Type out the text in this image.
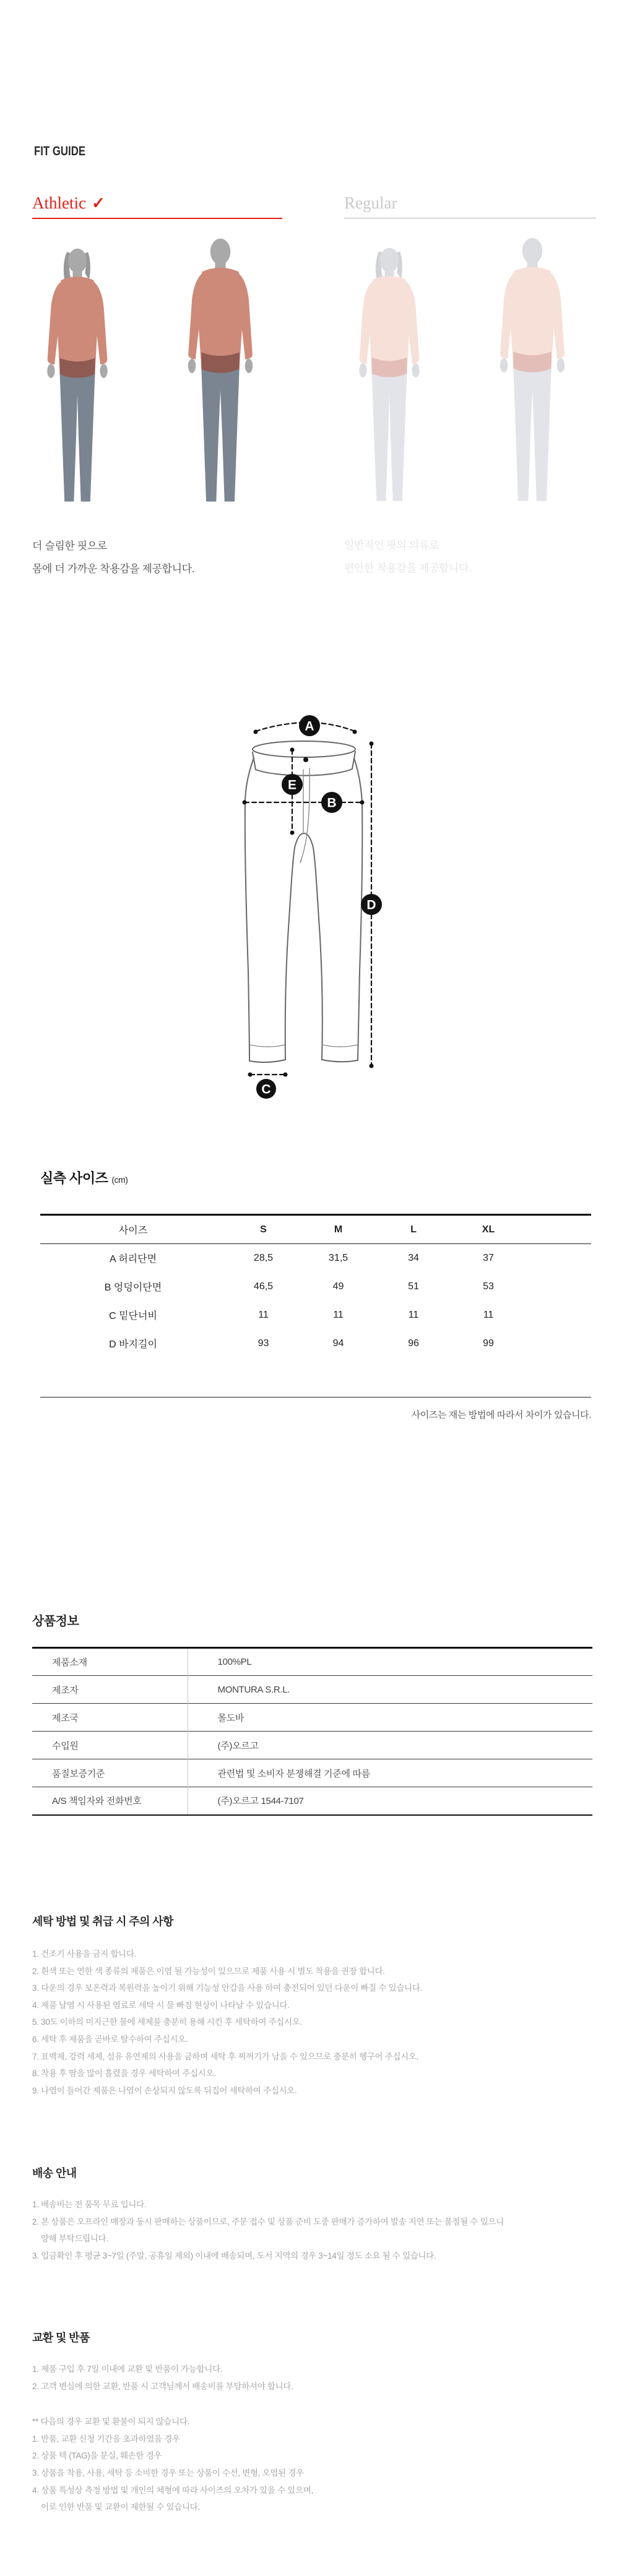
FIT GUIDE
Athletic ✓

더 슬림한 핏으로
몸에 더 가까운 착용감을 제공합니다.

Regular

일반적인 핏의 의류로
편안한 착용감을 제공합니다.

A
B
E
D
C
실측 사이즈 (cm)
사이즈	S	M	L	XL	
A 허리단면	28,5	31,5	34	37	
B 엉덩이단면	46,5	49	51	53	
C 밑단너비	11	11	11	11	
D 바지길이	93	94	96	99	

사이즈는 재는 방법에 따라서 차이가 있습니다.

상품정보
제품소재	100%PL
제조자	MONTURA S.R.L.
제조국	몰도바
수입원	(주)오르고
품질보증기준	관련법 및 소비자 분쟁해결 기준에 따름
A/S 책임자와 전화번호	(주)오르고 1544-7107
세탁 방법 및 취급 시 주의 사항
1. 건조기 사용을 금지 합니다.
2. 흰색 또는 연한 색 종류의 제품은 이염 될 가능성이 있으므로 제품 사용 시 별도 착용을 권장 합니다.
3. 다운의 경우 보온력과 복원력을 높이기 위해 기능성 안감을 사용 하여 충전되어 있던 다운이 빠질 수 있습니다.
4. 제품 날염 시 사용된 염료로 세탁 시 물 빠짐 현상이 나타날 수 있습니다.
5. 30도 이하의 미지근한 물에 세제를 충분히 용해 시킨 후 세탁하여 주십시오.
6. 세탁 후 제품을 곧바로 탈수하여 주십시오.
7. 표백제, 강력 세제, 섬유 유연제의 사용을 금하며 세탁 후 찌꺼기가 남을 수 있으므로 충분히 헹구어 주십시오.
8. 착용 후 땀을 많이 흘렸을 경우 세탁하여 주십시오.
9. 나염이 들어간 제품은 나염이 손상되지 않도록 뒤집어 세탁하여 주십시오.
배송 안내
1. 배송비는 전 품목 무료 입니다.
2. 본 상품은 오프라인 매장과 동시 판매하는 상품이므로, 주문 접수 및 상품 준비 도중 판매가 증가하여 발송 지연 또는 품절될 수 있으니
양해 부탁드립니다.
3. 입금확인 후 평균 3~7일 (주말, 공휴일 제외) 이내에 배송되며, 도서 지역의 경우 3~14일 정도 소요 될 수 있습니다.
교환 및 반품
1. 제품 구입 후 7일 이내에 교환 및 반품이 가능합니다.
2. 고객 변심에 의한 교환, 반품 시 고객님께서 배송비를 부담하셔야 합니다.

** 다음의 경우 교환 및 환불이 되지 않습니다.

1. 반품, 교환 신청 기간을 초과하였을 경우
2. 상품 텍 (TAG)을 분실, 훼손한 경우
3. 상품을 착용, 사용, 세탁 등 소비한 경우 또는 상품이 수선, 변형, 오염된 경우
4. 상품 특성상 측정 방법 및 개인의 체형에 따라 사이즈의 오차가 있을 수 있으며,
이로 인한 반품 및 교환이 제한될 수 있습니다.
